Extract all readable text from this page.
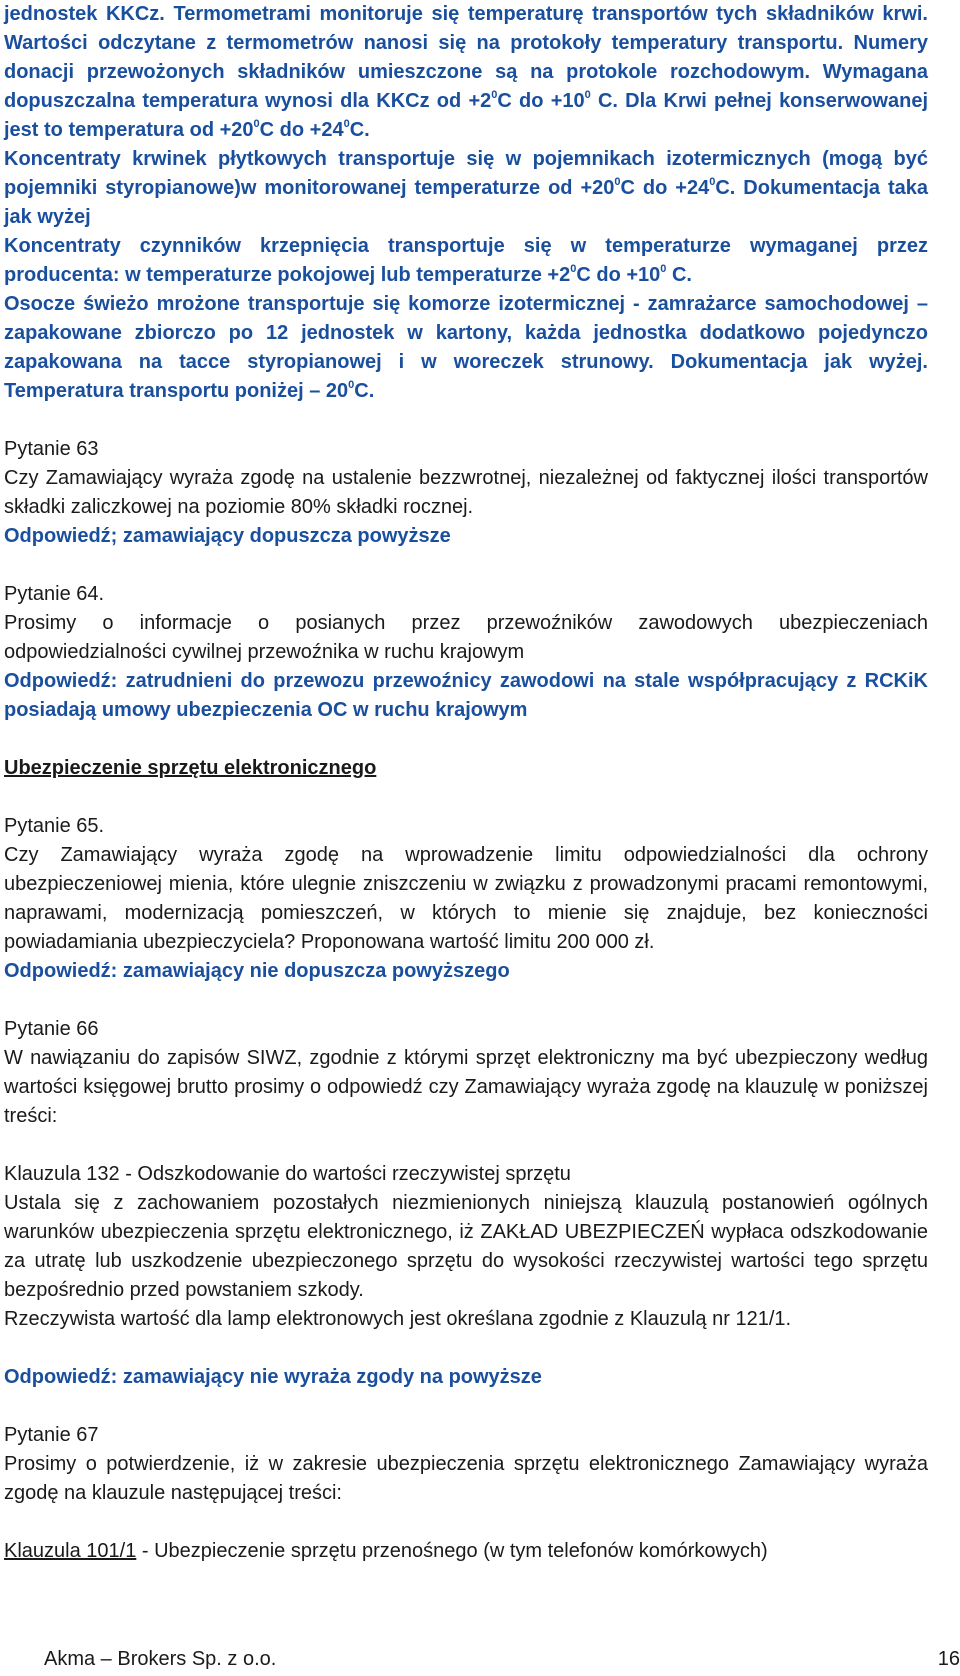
jednostek KKCz. Termometrami monitoruje się temperaturę transportów tych składników krwi. Wartości odczytane z termometrów nanosi się na protokoły temperatury transportu. Numery donacji przewożonych składników umieszczone są na protokole rozchodowym. Wymagana dopuszczalna temperatura wynosi dla KKCz od $+2^0C$ do $+10^0$ C. Dla Krwi pełnej konserwowanej jest to temperatura od $+20^0C$ do $+24^0C$.

Koncentraty krwinek płytkowych transportuje się w pojemnikach izotermicznych (mogą być pojemniki styropianowe)w monitorowanej temperaturze od $+20^0C$ do $+24^0C$. Dokumentacja taka jak wyżej

Koncentraty czynników krzepnięcia transportuje się w temperaturze wymaganej przez producenta: w temperaturze pokojowej lub temperaturze $+2^0C$ do $+10^0$ C.

Osocze świeżo mrożone transportuje się komorze izotermicznej - zamrażarce samochodowej – zapakowane zbiorczo po 12 jednostek w kartony, każda jednostka dodatkowo pojedynczo zapakowana na tacce styropianowej i w woreczek strunowy. Dokumentacja jak wyżej. Temperatura transportu poniżej – $20^0C$.

Pytanie 63

Czy Zamawiający wyraża zgodę na ustalenie bezzwrotnej, niezależnej od faktycznej ilości transportów składki zaliczkowej na poziomie 80% składki rocznej.

Odpowiedź; zamawiający dopuszcza powyższe

Pytanie 64.

Prosimy o informacje o posianych przez przewoźników zawodowych ubezpieczeniach odpowiedzialności cywilnej przewoźnika w ruchu krajowym

Odpowiedź: zatrudnieni do przewozu przewoźnicy zawodowi na stale współpracujący z RCKiK posiadają umowy ubezpieczenia OC w ruchu krajowym

Ubezpieczenie sprzętu elektronicznego

Pytanie 65.

Czy Zamawiający wyraża zgodę na wprowadzenie limitu odpowiedzialności dla ochrony ubezpieczeniowej mienia, które ulegnie zniszczeniu w związku z prowadzonymi pracami remontowymi, naprawami, modernizacją pomieszczeń, w których to mienie się znajduje, bez konieczności powiadamiania ubezpieczyciela? Proponowana wartość limitu 200 000 zł.

Odpowiedź: zamawiający nie dopuszcza powyższego

Pytanie 66

W nawiązaniu do zapisów SIWZ, zgodnie z którymi sprzęt elektroniczny ma być ubezpieczony według wartości księgowej brutto prosimy o odpowiedź czy Zamawiający wyraża zgodę na klauzulę w poniższej treści:

Klauzula 132 - Odszkodowanie do wartości rzeczywistej sprzętu

Ustala się z zachowaniem pozostałych niezmienionych niniejszą klauzulą postanowień ogólnych warunków ubezpieczenia sprzętu elektronicznego, iż ZAKŁAD UBEZPIECZEŃ wypłaca odszkodowanie za utratę lub uszkodzenie ubezpieczonego sprzętu do wysokości rzeczywistej wartości tego sprzętu bezpośrednio przed powstaniem szkody.

Rzeczywista wartość dla lamp elektronowych jest określana zgodnie z Klauzulą nr 121/1.

Odpowiedź: zamawiający nie wyraża zgody na powyższe

Pytanie 67

Prosimy o potwierdzenie, iż w zakresie ubezpieczenia sprzętu elektronicznego Zamawiający wyraża zgodę na klauzule następującej treści:

Klauzula 101/1 - Ubezpieczenie sprzętu przenośnego (w tym telefonów komórkowych)

Akma – Brokers Sp. z o.o.	16
